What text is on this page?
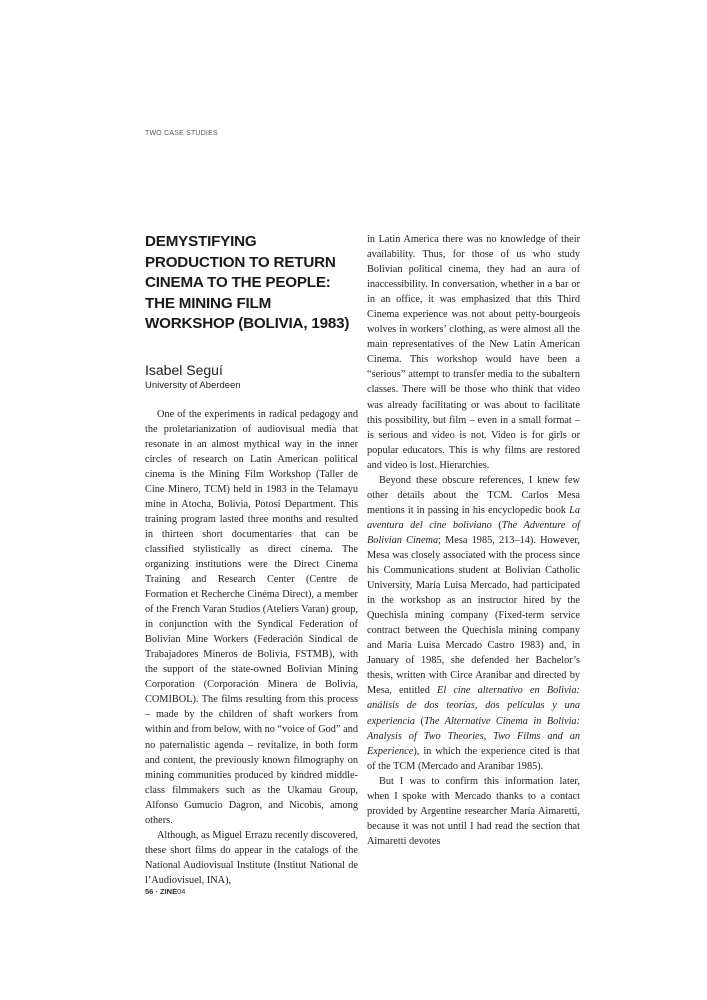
TWO CASE STUDIES
DEMYSTIFYING PRODUCTION TO RETURN CINEMA TO THE PEOPLE: THE MINING FILM WORKSHOP (BOLIVIA, 1983)
Isabel Seguí
University of Aberdeen

One of the experiments in radical pedagogy and the proletarianization of audiovisual media that resonate in an almost mythical way in the inner circles of research on Latin American political cinema is the Mining Film Workshop (Taller de Cine Minero, TCM) held in 1983 in the Telamayu mine in Atocha, Bolivia, Potosí Department. This training program lasted three months and resulted in thirteen short documentaries that can be classified stylistically as direct cinema. The organizing institutions were the Direct Cinema Training and Research Center (Centre de Formation et Recherche Cinéma Direct), a member of the French Varan Studios (Ateliers Varan) group, in conjunction with the Syndical Federation of Bolivian Mine Workers (Federación Sindical de Trabajadores Mineros de Bolivia, FSTMB), with the support of the state-owned Bolivian Mining Corporation (Corporación Minera de Bolivia, COMIBOL). The films resulting from this process – made by the children of shaft workers from within and from below, with no “voice of God” and no paternalistic agenda – revitalize, in both form and content, the previously known filmography on mining communities produced by kindred middle-class filmmakers such as the Ukamau Group, Alfonso Gumucio Dagron, and Nicobis, among others.

Although, as Miguel Errazu recently discovered, these short films do appear in the catalogs of the National Audiovisual Institute (Institut National de l’Audiovisuel, INA),

in Latin America there was no knowledge of their availability. Thus, for those of us who study Bolivian political cinema, they had an aura of inaccessibility. In conversation, whether in a bar or in an office, it was emphasized that this Third Cinema experience was not about petty-bourgeois wolves in workers’ clothing, as were almost all the main representatives of the New Latin American Cinema. This workshop would have been a “serious” attempt to transfer media to the subaltern classes. There will be those who think that video was already facilitating or was about to facilitate this possibility, but film – even in a small format – is serious and video is not. Video is for girls or popular educators. This is why films are restored and video is lost. Hierarchies.

Beyond these obscure references, I knew few other details about the TCM. Carlos Mesa mentions it in passing in his encyclopedic book La aventura del cine boliviano (The Adventure of Bolivian Cinema; Mesa 1985, 213–14). However, Mesa was closely associated with the process since his Communications student at Bolivian Catholic University, María Luisa Mercado, had participated in the workshop as an instructor hired by the Quechisla mining company (Fixed-term service contract between the Quechisla mining company and María Luisa Mercado Castro 1983) and, in January of 1985, she defended her Bachelor’s thesis, written with Circe Aranibar and directed by Mesa, entitled El cine alternativo en Bolivia: análisis de dos teorías, dos películas y una experiencia (The Alternative Cinema in Bolivia: Analysis of Two Theories, Two Films and an Experience), in which the experience cited is that of the TCM (Mercado and Aranibar 1985).

But I was to confirm this information later, when I spoke with Mercado thanks to a contact provided by Argentine researcher María Aimaretti, because it was not until I had read the section that Aimaretti devotes

56 · ZINE04
